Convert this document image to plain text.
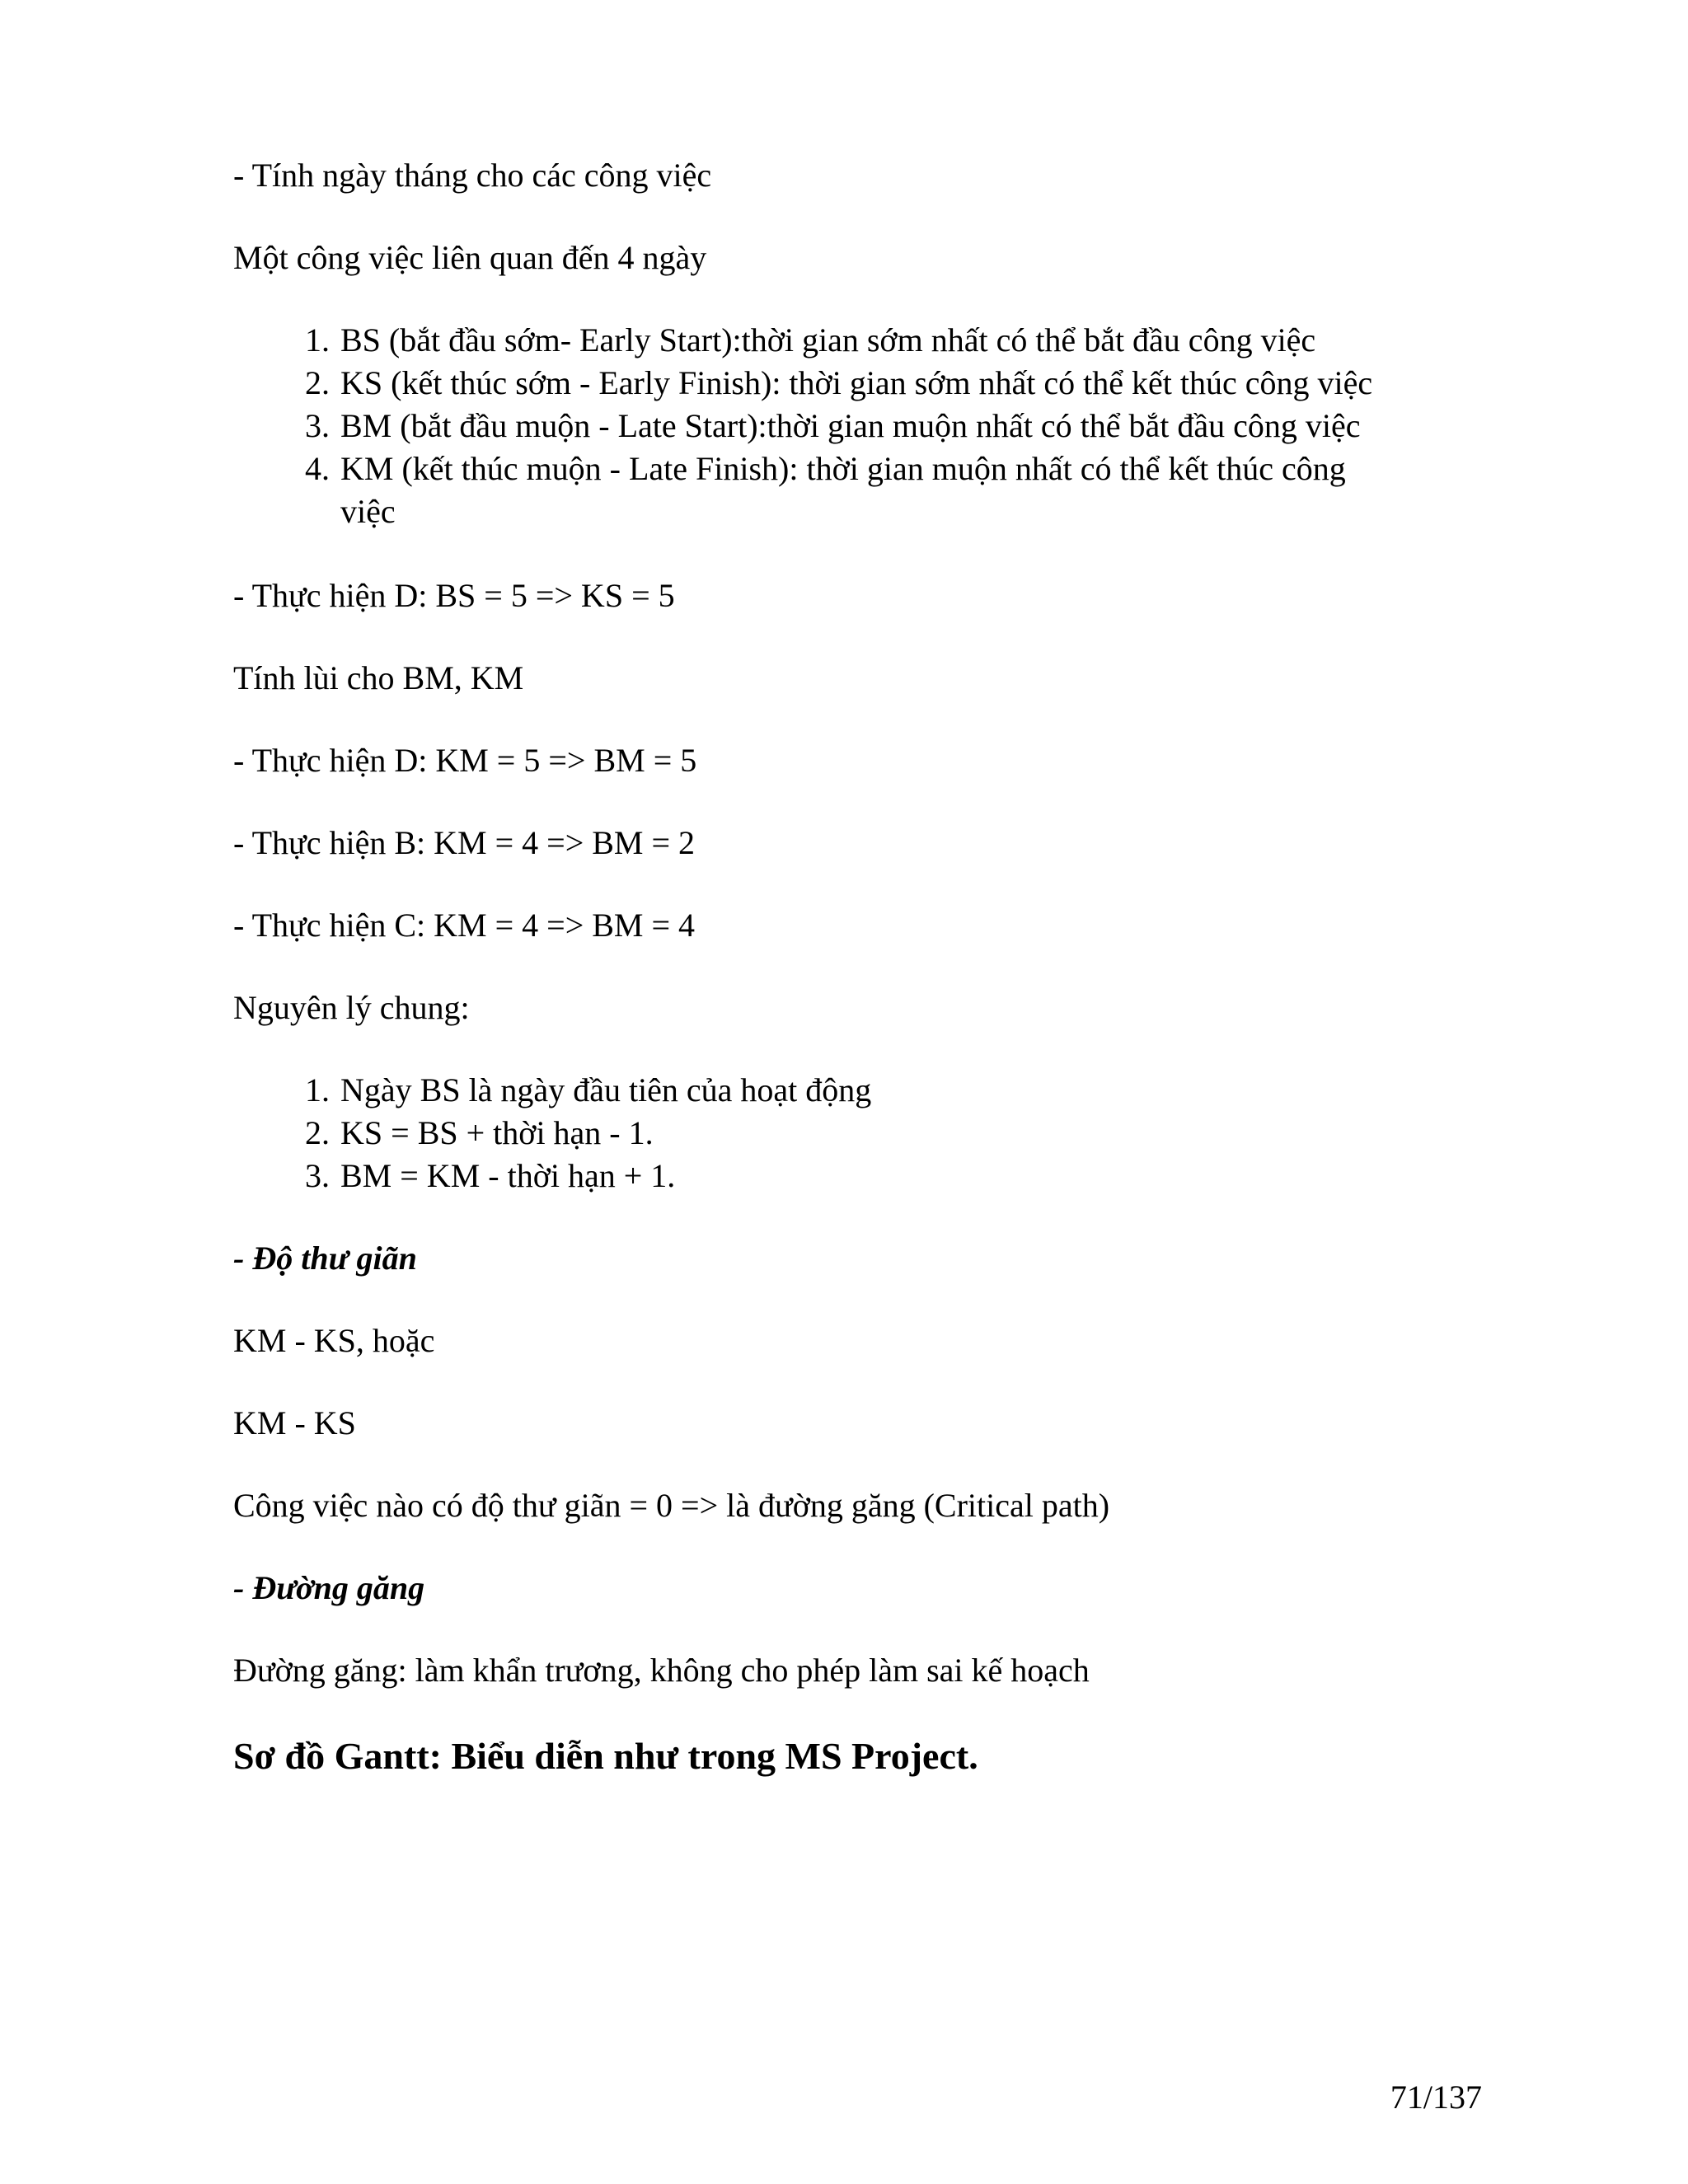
- Tính ngày tháng cho các công việc
Một công việc liên quan đến 4 ngày
1. BS (bắt đầu sớm- Early Start):thời gian sớm nhất có thể bắt đầu công việc
2. KS (kết thúc sớm - Early Finish): thời gian sớm nhất có thể kết thúc công việc
3. BM (bắt đầu muộn - Late Start):thời gian muộn nhất có thể bắt đầu công việc
4. KM (kết thúc muộn - Late Finish): thời gian muộn nhất có thể kết thúc công
việc
- Thực hiện D: BS = 5 => KS = 5
Tính lùi cho BM, KM
- Thực hiện D: KM = 5 => BM = 5
- Thực hiện B: KM = 4 => BM = 2
- Thực hiện C: KM = 4 => BM = 4
Nguyên lý chung:
1. Ngày BS là ngày đầu tiên của hoạt động
2. KS = BS + thời hạn - 1.
3. BM = KM - thời hạn + 1.
- Độ thư giãn
KM - KS, hoặc
KM - KS
Công việc nào có độ thư giãn = 0 => là đường găng (Critical path)
- Đường găng
Đường găng: làm khẩn trương, không cho phép làm sai kế hoạch
Sơ đồ Gantt: Biểu diễn như trong MS Project.
71/137
